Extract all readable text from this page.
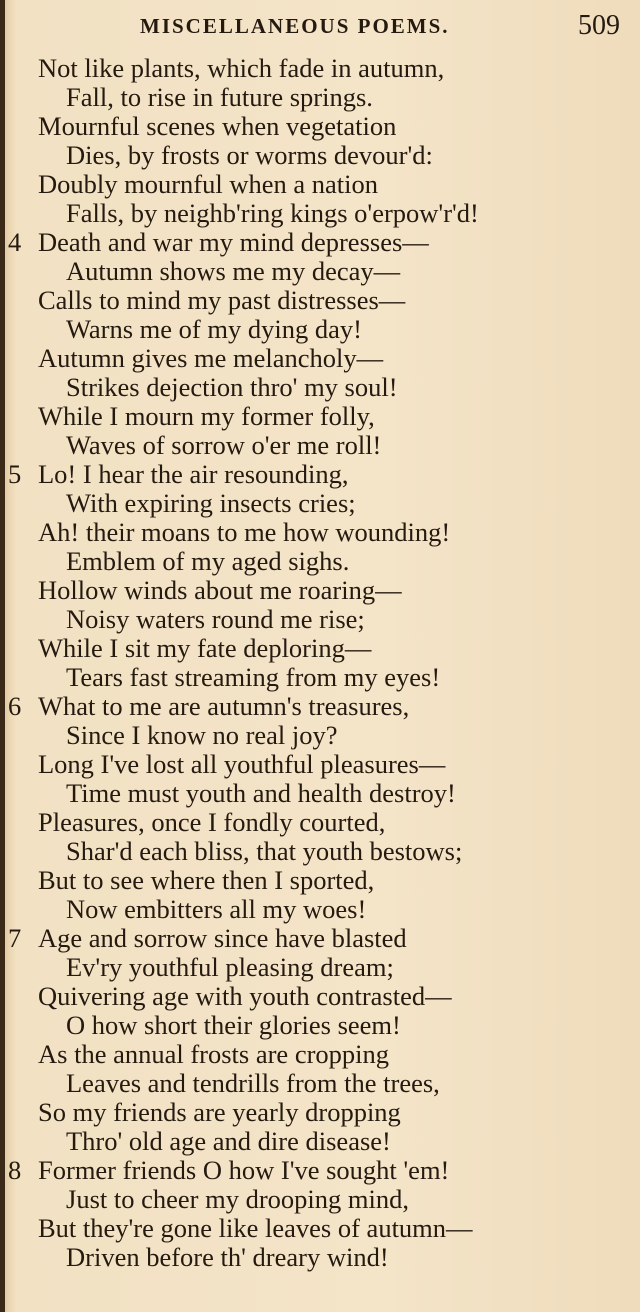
MISCELLANEOUS POEMS.	509
Not like plants, which fade in autumn,
Fall, to rise in future springs.
Mournful scenes when vegetation
Dies, by frosts or worms devour'd:
Doubly mournful when a nation
Falls, by neighb'ring kings o'erpow'r'd!
4 Death and war my mind depresses—
Autumn shows me my decay—
Calls to mind my past distresses—
Warns me of my dying day!
Autumn gives me melancholy—
Strikes dejection thro' my soul!
While I mourn my former folly,
Waves of sorrow o'er me roll!
5 Lo! I hear the air resounding,
With expiring insects cries;
Ah! their moans to me how wounding!
Emblem of my aged sighs.
Hollow winds about me roaring—
Noisy waters round me rise;
While I sit my fate deploring—
Tears fast streaming from my eyes!
6 What to me are autumn's treasures,
Since I know no real joy?
Long I've lost all youthful pleasures—
Time must youth and health destroy!
Pleasures, once I fondly courted,
Shar'd each bliss, that youth bestows;
But to see where then I sported,
Now embitters all my woes!
7 Age and sorrow since have blasted
Ev'ry youthful pleasing dream;
Quivering age with youth contrasted—
O how short their glories seem!
As the annual frosts are cropping
Leaves and tendrills from the trees,
So my friends are yearly dropping
Thro' old age and dire disease!
8 Former friends O how I've sought 'em!
Just to cheer my drooping mind,
But they're gone like leaves of autumn—
Driven before th' dreary wind!
